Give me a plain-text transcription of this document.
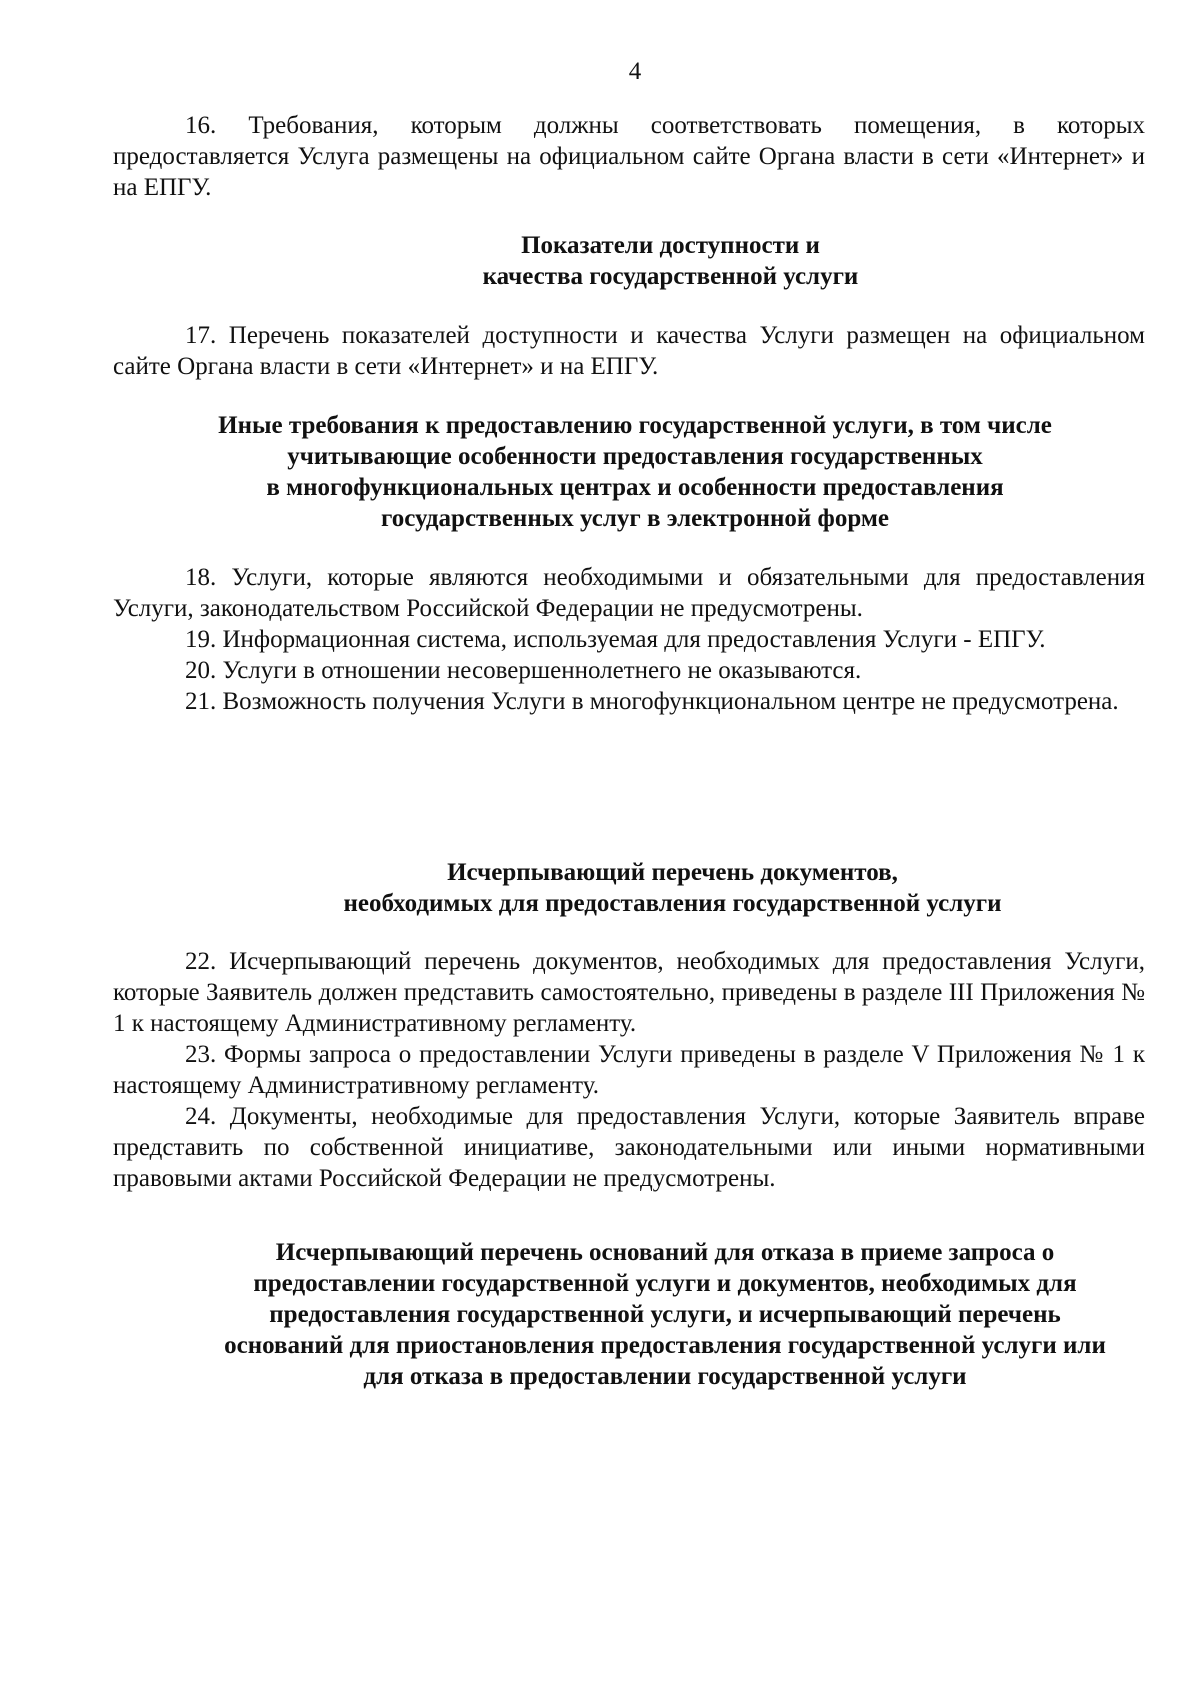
4

16. Требования, которым должны соответствовать помещения, в которых предоставляется Услуга размещены на официальном сайте Органа власти в сети «Интернет» и на ЕПГУ.

Показатели доступности и
качества государственной услуги

17. Перечень показателей доступности и качества Услуги размещен на официальном сайте Органа власти в сети «Интернет» и на ЕПГУ.

Иные требования к предоставлению государственной услуги, в том числе
учитывающие особенности предоставления государственных
в многофункциональных центрах и особенности предоставления
государственных услуг в электронной форме

18. Услуги, которые являются необходимыми и обязательными для предоставления Услуги, законодательством Российской Федерации не предусмотрены.

19. Информационная система, используемая для предоставления Услуги - ЕПГУ.

20. Услуги в отношении несовершеннолетнего не оказываются.

21. Возможность получения Услуги в многофункциональном центре не предусмотрена.

Исчерпывающий перечень документов,
необходимых для предоставления государственной услуги

22. Исчерпывающий перечень документов, необходимых для предоставления Услуги, которые Заявитель должен представить самостоятельно, приведены в разделе III Приложения № 1 к настоящему Административному регламенту.

23. Формы запроса о предоставлении Услуги приведены в разделе V Приложения № 1 к настоящему Административному регламенту.

24. Документы, необходимые для предоставления Услуги, которые Заявитель вправе представить по собственной инициативе, законодательными или иными нормативными правовыми актами Российской Федерации не предусмотрены.

Исчерпывающий перечень оснований для отказа в приеме запроса о
предоставлении государственной услуги и документов, необходимых для
предоставления государственной услуги, и исчерпывающий перечень
оснований для приостановления предоставления государственной услуги или
для отказа в предоставлении государственной услуги
